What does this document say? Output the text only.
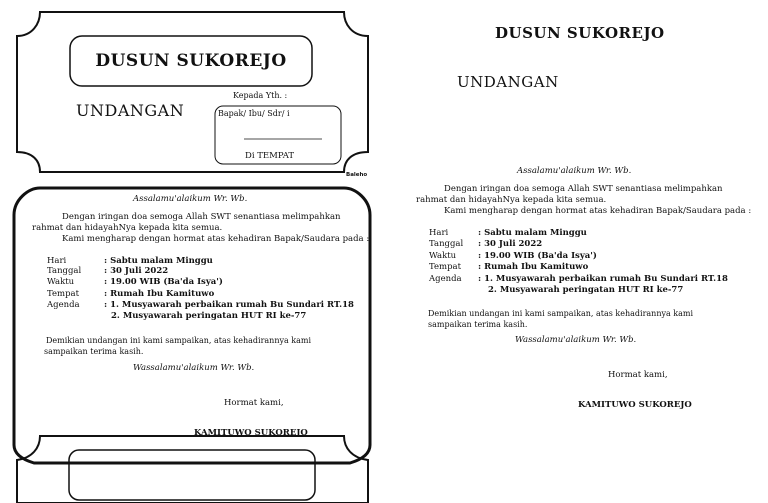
DUSUN SUKOREJO
UNDANGAN
Kepada Yth. :
Bapak/ Ibu/ Sdr/ i
Di TEMPAT
Baleho
Assalamu'alaikum Wr. Wb.
Dengan iringan doa semoga Allah SWT senantiasa melimpahkan
rahmat dan hidayahNya kepada kita semua.
Kami mengharap dengan hormat atas kehadiran Bapak/Saudara pada :
Hari	: Sabtu malam Minggu
Tanggal	: 30 Juli 2022
Waktu	: 19.00 WIB (Ba'da Isya')
Tempat	: Rumah Ibu Kamituwo
Agenda	: 1. Musyawarah perbaikan rumah Bu Sundari RT.18
2. Musyawarah peringatan HUT RI ke-77
Demikian undangan ini kami sampaikan, atas kehadirannya kami
sampaikan terima kasih.
Wassalamu'alaikum Wr. Wb.
Hormat kami,
KAMITUWO SUKOREJO
DUSUN SUKOREJO
UNDANGAN
Assalamu'alaikum Wr. Wb.
Dengan iringan doa semoga Allah SWT senantiasa melimpahkan
rahmat dan hidayahNya kepada kita semua.
Kami mengharap dengan hormat atas kehadiran Bapak/Saudara pada :
Hari	: Sabtu malam Minggu
Tanggal : 30 Juli 2022
Waktu	: 19.00 WIB (Ba'da Isya')
Tempat : Rumah Ibu Kamituwo
Agenda : 1. Musyawarah perbaikan rumah Bu Sundari RT.18
2. Musyawarah peringatan HUT RI ke-77
Demikian undangan ini kami sampaikan, atas kehadirannya kami
sampaikan terima kasih.
Wassalamu'alaikum Wr. Wb.
Hormat kami,
KAMITUWO SUKOREJO
